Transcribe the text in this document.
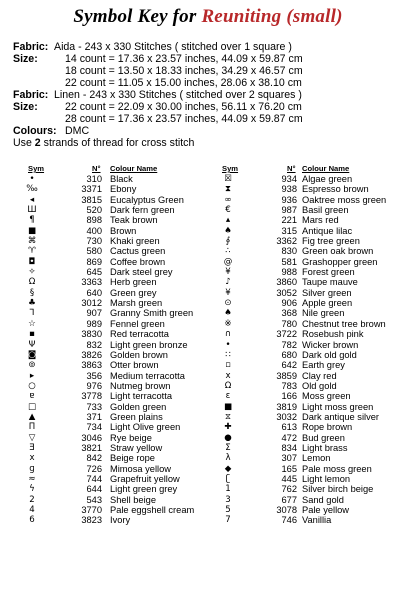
Symbol Key for Reuniting (small)
Fabric: Aida - 243 x 330 Stitches ( stitched over 1 square )
Size:	14 count = 17.36 x 23.57 inches, 44.09 x 59.87 cm
18 count = 13.50 x 18.33 inches, 34.29 x 46.57 cm
22 count = 11.05 x 15.00 inches, 28.06 x 38.10 cm
Fabric: Linen - 243 x 330 Stitches ( stitched over 2 squares )
Size:	22 count = 22.09 x 30.00 inches, 56.11 x 76.20 cm
28 count = 17.36 x 23.57 inches, 44.09 x 59.87 cm
Colours: DMC
Use 2 strands of thread for cross stitch
Sym	N° Colour Name	Sym	N° Colour Name
•	310 Black
‰	3371 Ebony
◂	3815 Eucalyptus Green
Ш	520 Dark fern green
¶	898 Teak brown
■	400 Brown
⌘	730 Khaki green
♈	580 Cactus green
◘	869 Coffee brown
✧	645 Dark steel grey
Ω	3363 Herb green
§	640 Green grey
♣	3012 Marsh green
⅂	907 Granny Smith green
☆	989 Fennel green
▪	3830 Red terracotta
Ψ	832 Light green bronze
◙	3826 Golden brown
⊚	3863 Otter brown
▸	356 Medium terracotta
○	976 Nutmeg brown
ɐ	3778 Light terracotta
□	733 Golden green
▲	371 Green plains
Π	734 Light Olive green
▽	3046 Rye beige
Ǝ	3821 Straw yellow
x	842 Beige rope
ɡ	726 Mimosa yellow
≈	744 Grapefruit yellow
ϟ	644 Light green grey
2	543 Shell beige
4	3770 Pale eggshell cream
6	3823 Ivory
☒	934 Algae green
⧗	938 Espresso brown
∞	936 Oaktree moss green
€	987 Basil green
▴	221 Mars red
♠	315 Antique lilac
∮	3362 Fig tree green
∴	830 Green oak brown
@	581 Grashopper green
¥	988 Forest green
♪	3860 Taupe mauve
¥	3052 Silver green
⊙	906 Apple green
♠	368 Nile green
※	780 Chestnut tree brown
∩	3722 Rosebush pink
•	782 Wicker brown
∷	680 Dark old gold
▫	642 Earth grey
x	3859 Clay red
Ω	783 Old gold
ε	166 Moss green
■	3819 Light moss green
⧖	3032 Dark antique silver
✚	613 Rope brown
●	472 Bud green
Σ	834 Light brass
λ	307 Lemon
◆	165 Pale moss green
ʗ	445 Light lemon
1	762 Silver birch beige
3	677 Sand gold
5	3078 Pale yellow
7	746 Vanillia
